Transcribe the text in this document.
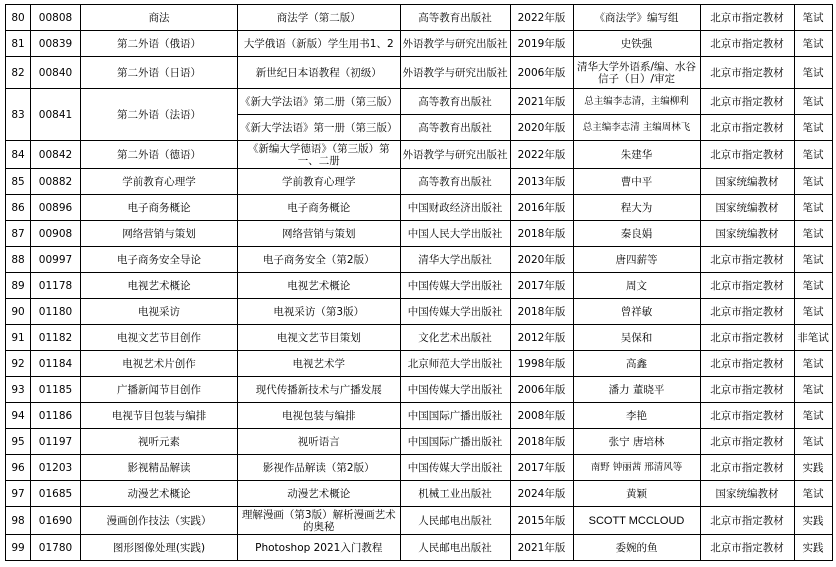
80	00808	商法	商法学（第二版）	高等教育出版社	2022年版	《商法学》编写组	北京市指定教材	笔试
81	00839	第二外语（俄语）	大学俄语（新版）学生用书1、2	外语教学与研究出版社	2019年版	史铁强	北京市指定教材	笔试
82	00840	第二外语（日语）	新世纪日本语教程（初级）	外语教学与研究出版社	2006年版	清华大学外语系/编、水谷信子（日）/审定	北京市指定教材	笔试
83	00841	第二外语（法语）	《新大学法语》第二册（第三版）	高等教育出版社	2021年版	总主编李志清，主编柳利	北京市指定教材	笔试
			《新大学法语》第一册（第三版）	高等教育出版社	2020年版	总主编李志清 主编周林飞	北京市指定教材	笔试
84	00842	第二外语（德语）	《新编大学德语》（第三版）第一、二册	外语教学与研究出版社	2022年版	朱建华	北京市指定教材	笔试
85	00882	学前教育心理学	学前教育心理学	高等教育出版社	2013年版	曹中平	国家统编教材	笔试
86	00896	电子商务概论	电子商务概论	中国财政经济出版社	2016年版	程大为	国家统编教材	笔试
87	00908	网络营销与策划	网络营销与策划	中国人民大学出版社	2018年版	秦良娟	国家统编教材	笔试
88	00997	电子商务安全导论	电子商务安全（第2版）	清华大学出版社	2020年版	唐四薪等	北京市指定教材	笔试
89	01178	电视艺术概论	电视艺术概论	中国传媒大学出版社	2017年版	周文	北京市指定教材	笔试
90	01180	电视采访	电视采访（第3版）	中国传媒大学出版社	2018年版	曾祥敏	北京市指定教材	笔试
91	01182	电视文艺节目创作	电视文艺节目策划	文化艺术出版社	2012年版	吴保和	北京市指定教材	非笔试
92	01184	电视艺术片创作	电视艺术学	北京师范大学出版社	1998年版	高鑫	北京市指定教材	笔试
93	01185	广播新闻节目创作	现代传播新技术与广播发展	中国传媒大学出版社	2006年版	潘力 董晓平	北京市指定教材	笔试
94	01186	电视节目包装与编排	电视包装与编排	中国国际广播出版社	2008年版	李艳	北京市指定教材	笔试
95	01197	视听元素	视听语言	中国国际广播出版社	2018年版	张宁 唐培林	北京市指定教材	笔试
96	01203	影视精品解读	影视作品解读（第2版）	中国传媒大学出版社	2017年版	南野 钟丽茜 邢清风等	北京市指定教材	实践
97	01685	动漫艺术概论	动漫艺术概论	机械工业出版社	2024年版	黄颖	国家统编教材	笔试
98	01690	漫画创作技法（实践）	理解漫画（第3版）解析漫画艺术的奥秘	人民邮电出版社	2015年版	SCOTT MCCLOUD	北京市指定教材	实践
99	01780	图形图像处理(实践)	Photoshop 2021入门教程	人民邮电出版社	2021年版	委婉的鱼	北京市指定教材	实践
